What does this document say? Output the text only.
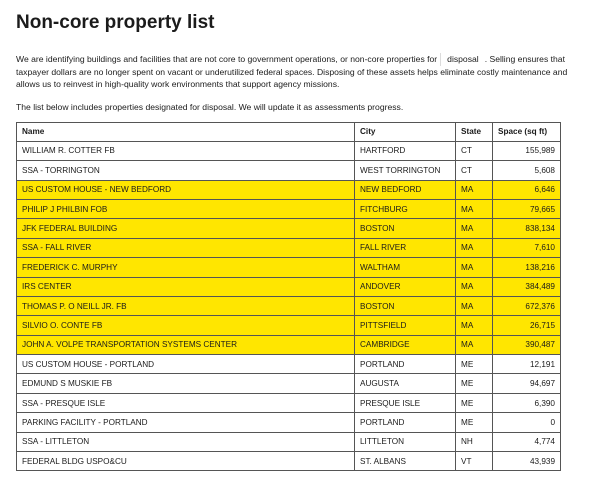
Non-core property list

We are identifying buildings and facilities that are not core to government operations, or non-core properties for disposal . Selling ensures that taxpayer dollars are no longer spent on vacant or underutilized federal spaces. Disposing of these assets helps eliminate costly maintenance and allows us to reinvest in high-quality work environments that support agency missions.

The list below includes properties designated for disposal. We will update it as assessments progress.

Name	City	State	Space (sq ft)
WILLIAM R. COTTER FB	HARTFORD	CT	155,989
SSA - TORRINGTON	WEST TORRINGTON	CT	5,608
US CUSTOM HOUSE - NEW BEDFORD	NEW BEDFORD	MA	6,646
PHILIP J PHILBIN FOB	FITCHBURG	MA	79,665
JFK FEDERAL BUILDING	BOSTON	MA	838,134
SSA - FALL RIVER	FALL RIVER	MA	7,610
FREDERICK C. MURPHY	WALTHAM	MA	138,216
IRS CENTER	ANDOVER	MA	384,489
THOMAS P. O NEILL JR. FB	BOSTON	MA	672,376
SILVIO O. CONTE FB	PITTSFIELD	MA	26,715
JOHN A. VOLPE TRANSPORTATION SYSTEMS CENTER	CAMBRIDGE	MA	390,487
US CUSTOM HOUSE - PORTLAND	PORTLAND	ME	12,191
EDMUND S MUSKIE FB	AUGUSTA	ME	94,697
SSA - PRESQUE ISLE	PRESQUE ISLE	ME	6,390
PARKING FACILITY - PORTLAND	PORTLAND	ME	0
SSA - LITTLETON	LITTLETON	NH	4,774
FEDERAL BLDG USPO&CU	ST. ALBANS	VT	43,939
